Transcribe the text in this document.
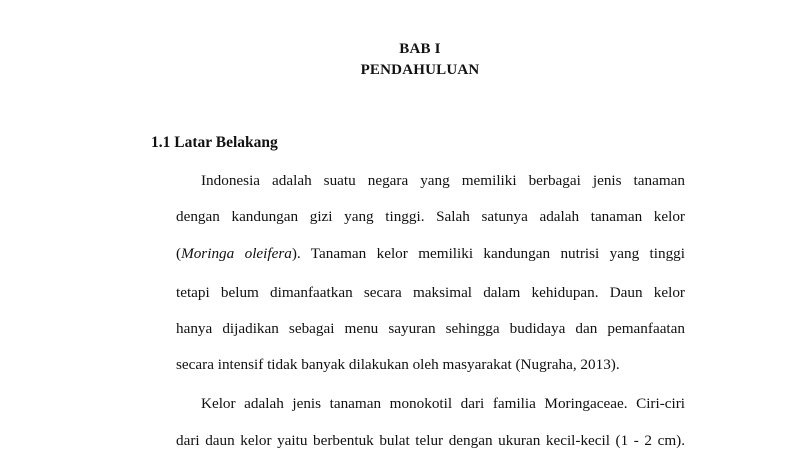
BAB I
PENDAHULUAN
1.1 Latar Belakang
Indonesia adalah suatu negara yang memiliki berbagai jenis tanaman
dengan kandungan gizi yang tinggi. Salah satunya adalah tanaman kelor
(Moringa oleifera). Tanaman kelor memiliki kandungan nutrisi yang tinggi
tetapi belum dimanfaatkan secara maksimal dalam kehidupan. Daun kelor
hanya dijadikan sebagai menu sayuran sehingga budidaya dan pemanfaatan
secara intensif tidak banyak dilakukan oleh masyarakat (Nugraha, 2013).
Kelor adalah jenis tanaman monokotil dari familia Moringaceae. Ciri-ciri
dari daun kelor yaitu berbentuk bulat telur dengan ukuran kecil-kecil (1 - 2 cm).
